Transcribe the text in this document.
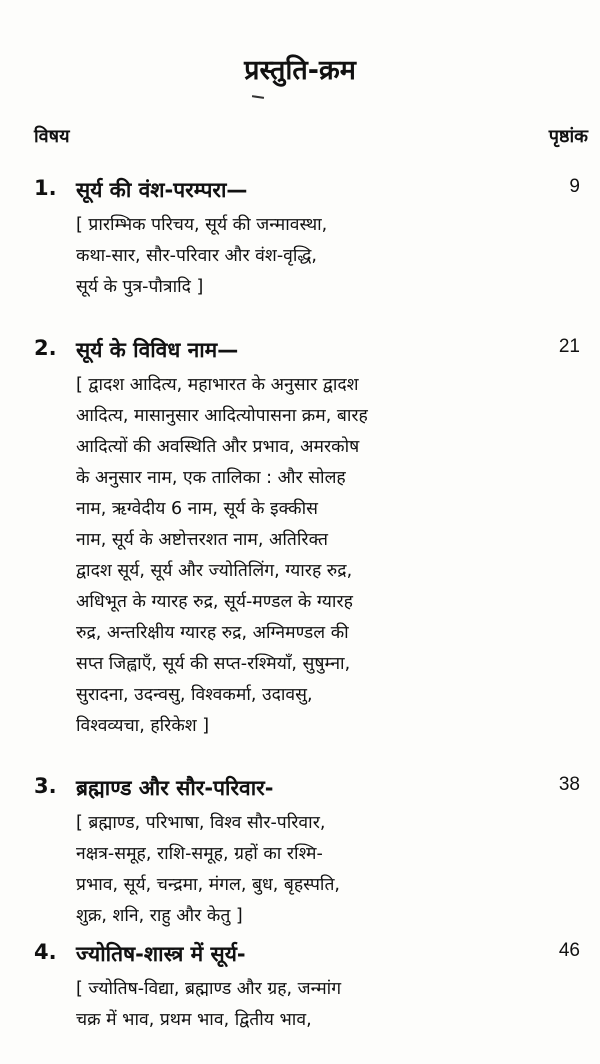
प्रस्तुति-क्रम
विषय	पृष्ठांक
1. सूर्य की वंश-परम्परा—	9
[ प्रारम्भिक परिचय, सूर्य की जन्मावस्था,
कथा-सार, सौर-परिवार और वंश-वृद्धि,
सूर्य के पुत्र-पौत्रादि ]
2. सूर्य के विविध नाम—	21
[ द्वादश आदित्य, महाभारत के अनुसार द्वादश
आदित्य, मासानुसार आदित्योपासना क्रम, बारह
आदित्यों की अवस्थिति और प्रभाव, अमरकोष
के अनुसार नाम, एक तालिका : और सोलह
नाम, ऋग्वेदीय 6 नाम, सूर्य के इक्कीस
नाम, सूर्य के अष्टोत्तरशत नाम, अतिरिक्त
द्वादश सूर्य, सूर्य और ज्योतिलिंग, ग्यारह रुद्र,
अधिभूत के ग्यारह रुद्र, सूर्य-मण्डल के ग्यारह
रुद्र, अन्तरिक्षीय ग्यारह रुद्र, अग्निमण्डल की
सप्त जिह्वाएँ, सूर्य की सप्त-रश्मियाँ, सुषुम्ना,
सुरादना, उदन्वसु, विश्वकर्मा, उदावसु,
विश्वव्यचा, हरिकेश ]
3. ब्रह्माण्ड और सौर-परिवार-	38
[ ब्रह्माण्ड, परिभाषा, विश्व सौर-परिवार,
नक्षत्र-समूह, राशि-समूह, ग्रहों का रश्मि-
प्रभाव, सूर्य, चन्द्रमा, मंगल, बुध, बृहस्पति,
शुक्र, शनि, राहु और केतु ]
4. ज्योतिष-शास्त्र में सूर्य-	46
[ ज्योतिष-विद्या, ब्रह्माण्ड और ग्रह, जन्मांग
चक्र में भाव, प्रथम भाव, द्वितीय भाव,
